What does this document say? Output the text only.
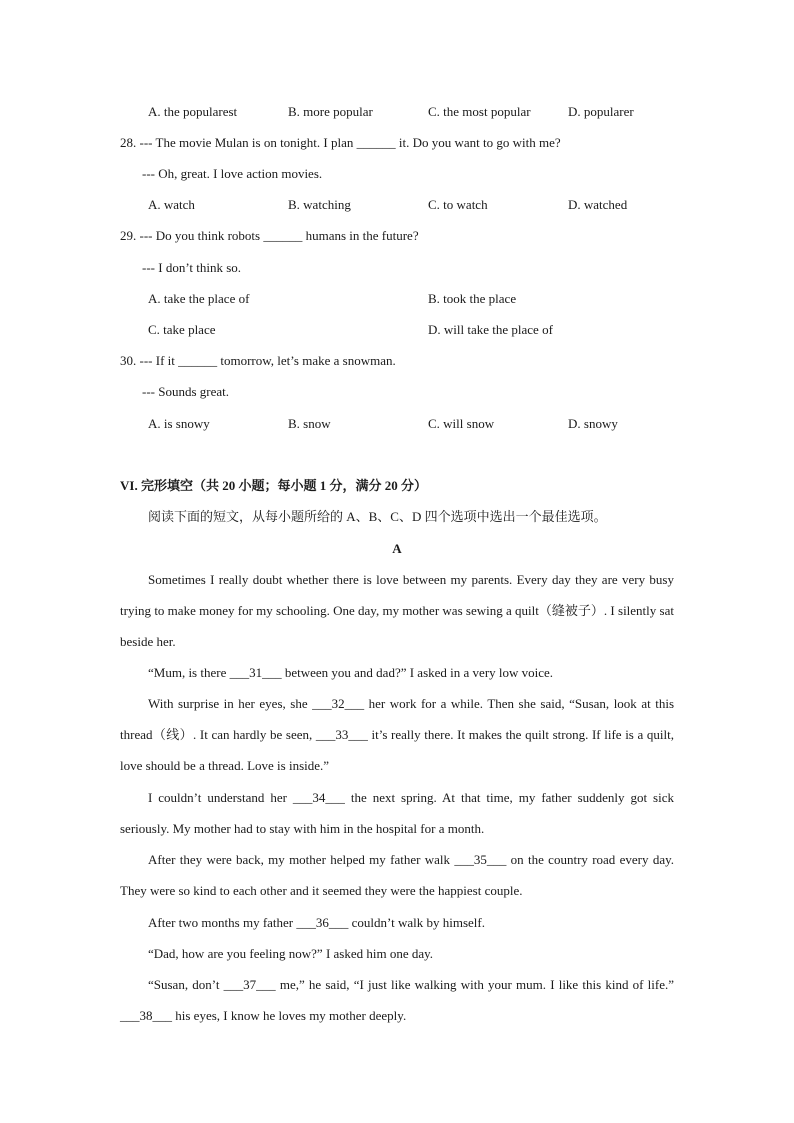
A. the popularest	B. more popular	C. the most popular	D. popularer
28. --- The movie Mulan is on tonight. I plan ______ it. Do you want to go with me?
--- Oh, great. I love action movies.
A. watch	B. watching	C. to watch	D. watched
29. --- Do you think robots ______ humans in the future?
--- I don’t think so.
A. take the place of	B. took the place
C. take place	D. will take the place of
30. --- If it ______ tomorrow, let’s make a snowman.
--- Sounds great.
A. is snowy	B. snow	C. will snow	D. snowy
VI. 完形填空（共 20 小题；每小题 1 分，满分 20 分）
阅读下面的短文，从每小题所给的 A、B、C、D 四个选项中选出一个最佳选项。
A
Sometimes I really doubt whether there is love between my parents. Every day they are very busy trying to make money for my schooling. One day, my mother was sewing a quilt（缝被子）. I silently sat beside her.
“Mum, is there ___31___ between you and dad?” I asked in a very low voice.
With surprise in her eyes, she ___32___ her work for a while. Then she said, “Susan, look at this thread（线）. It can hardly be seen, ___33___ it’s really there. It makes the quilt strong. If life is a quilt, love should be a thread. Love is inside.”
I couldn’t understand her ___34___ the next spring. At that time, my father suddenly got sick seriously. My mother had to stay with him in the hospital for a month.
After they were back, my mother helped my father walk ___35___ on the country road every day. They were so kind to each other and it seemed they were the happiest couple.
After two months my father ___36___ couldn’t walk by himself.
“Dad, how are you feeling now?” I asked him one day.
“Susan, don’t ___37___ me,” he said, “I just like walking with your mum. I like this kind of life.” ___38___ his eyes, I know he loves my mother deeply.
